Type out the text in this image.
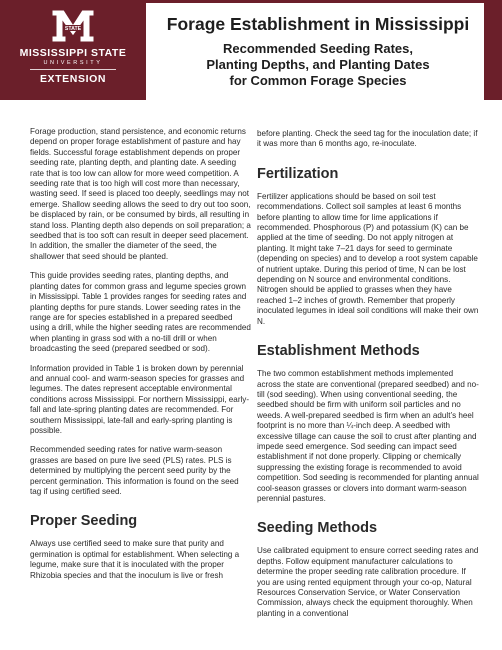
STATE
MISSISSIPPI STATE
UNIVERSITY
EXTENSION
Forage Establishment in Mississippi
Recommended Seeding Rates,
Planting Depths, and Planting Dates
for Common Forage Species

Forage production, stand persistence, and economic returns depend on proper forage establishment of pasture and hay fields. Successful forage establishment depends on proper seeding rate, planting depth, and planting date. A seeding rate that is too low can allow for more weed competition. A seeding rate that is too high will cost more than necessary, wasting seed. If seed is placed too deeply, seedlings may not emerge. Shallow seeding allows the seed to dry out too soon, be displaced by rain, or be consumed by birds, all resulting in stand loss. Planting depth also depends on soil preparation; a seedbed that is too soft can result in deeper seed placement. In addition, the smaller the diameter of the seed, the shallower that seed should be planted.

This guide provides seeding rates, planting depths, and planting dates for common grass and legume species grown in Mississippi. Table 1 provides ranges for seeding rates and planting depths for pure stands. Lower seeding rates in the range are for species established in a prepared seedbed using a drill, while the higher seeding rates are recommended when planting in grass sod with a no-till drill or when broadcasting the seed (prepared seedbed or sod).

Information provided in Table 1 is broken down by perennial and annual cool- and warm-season species for grasses and legumes. The dates represent acceptable environmental conditions across Mississippi. For northern Mississippi, early-fall and late-spring planting dates are recommended. For southern Mississippi, late-fall and early-spring planting is possible.

Recommended seeding rates for native warm-season grasses are based on pure live seed (PLS) rates. PLS is determined by multiplying the percent seed purity by the percent germination. This information is found on the seed tag if using certified seed.

Proper Seeding

Always use certified seed to make sure that purity and germination is optimal for establishment. When selecting a legume, make sure that it is inoculated with the proper Rhizobia species and that the inoculum is live or fresh

before planting. Check the seed tag for the inoculation date; if it was more than 6 months ago, re-inoculate.

Fertilization

Fertilizer applications should be based on soil test recommendations. Collect soil samples at least 6 months before planting to allow time for lime applications if recommended. Phosphorous (P) and potassium (K) can be applied at the time of seeding. Do not apply nitrogen at planting. It might take 7–21 days for seed to germinate (depending on species) and to develop a root system capable of nutrient uptake. During this period of time, N can be lost depending on N source and environmental conditions. Nitrogen should be applied to grasses when they have reached 1–2 inches of growth. Remember that properly inoculated legumes in ideal soil conditions will make their own N.

Establishment Methods

The two common establishment methods implemented across the state are conventional (prepared seedbed) and no-till (sod seeding). When using conventional seeding, the seedbed should be firm with uniform soil particles and no weeds. A well-prepared seedbed is firm when an adult’s heel footprint is no more than ¼-inch deep. A seedbed with excessive tillage can cause the soil to crust after planting and impede seed emergence. Sod seeding can impact seed establishment if not done properly. Clipping or chemically suppressing the existing forage is recommended to avoid competition. Sod seeding is recommended for planting annual cool-season grasses or clovers into dormant warm-season perennial pastures.

Seeding Methods

Use calibrated equipment to ensure correct seeding rates and depths. Follow equipment manufacturer calculations to determine the proper seeding rate calibration procedure. If you are using rented equipment through your co-op, Natural Resources Conservation Service, or Water Conservation Commission, always check the equipment thoroughly. When planting in a conventional
